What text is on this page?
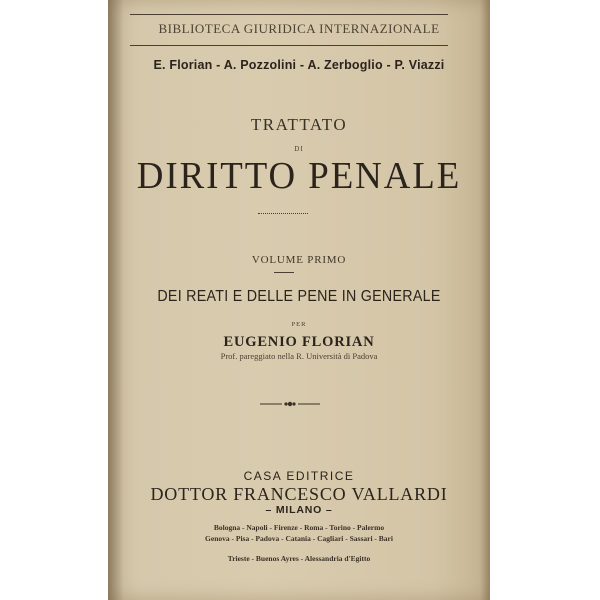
BIBLIOTECA GIURIDICA INTERNAZIONALE
E. Florian - A. Pozzolini - A. Zerboglio - P. Viazzi
TRATTATO
DI
DIRITTO PENALE
VOLUME PRIMO
DEI REATI E DELLE PENE IN GENERALE
PER
EUGENIO FLORIAN
Prof. pareggiato nella R. Università di Padova
CASA EDITRICE
DOTTOR FRANCESCO VALLARDI
– MILANO –
Bologna - Napoli - Firenze - Roma - Torino - Palermo
Genova - Pisa - Padova - Catania - Cagliari - Sassari - Bari
Trieste - Buenos Ayres - Alessandria d'Egitto
